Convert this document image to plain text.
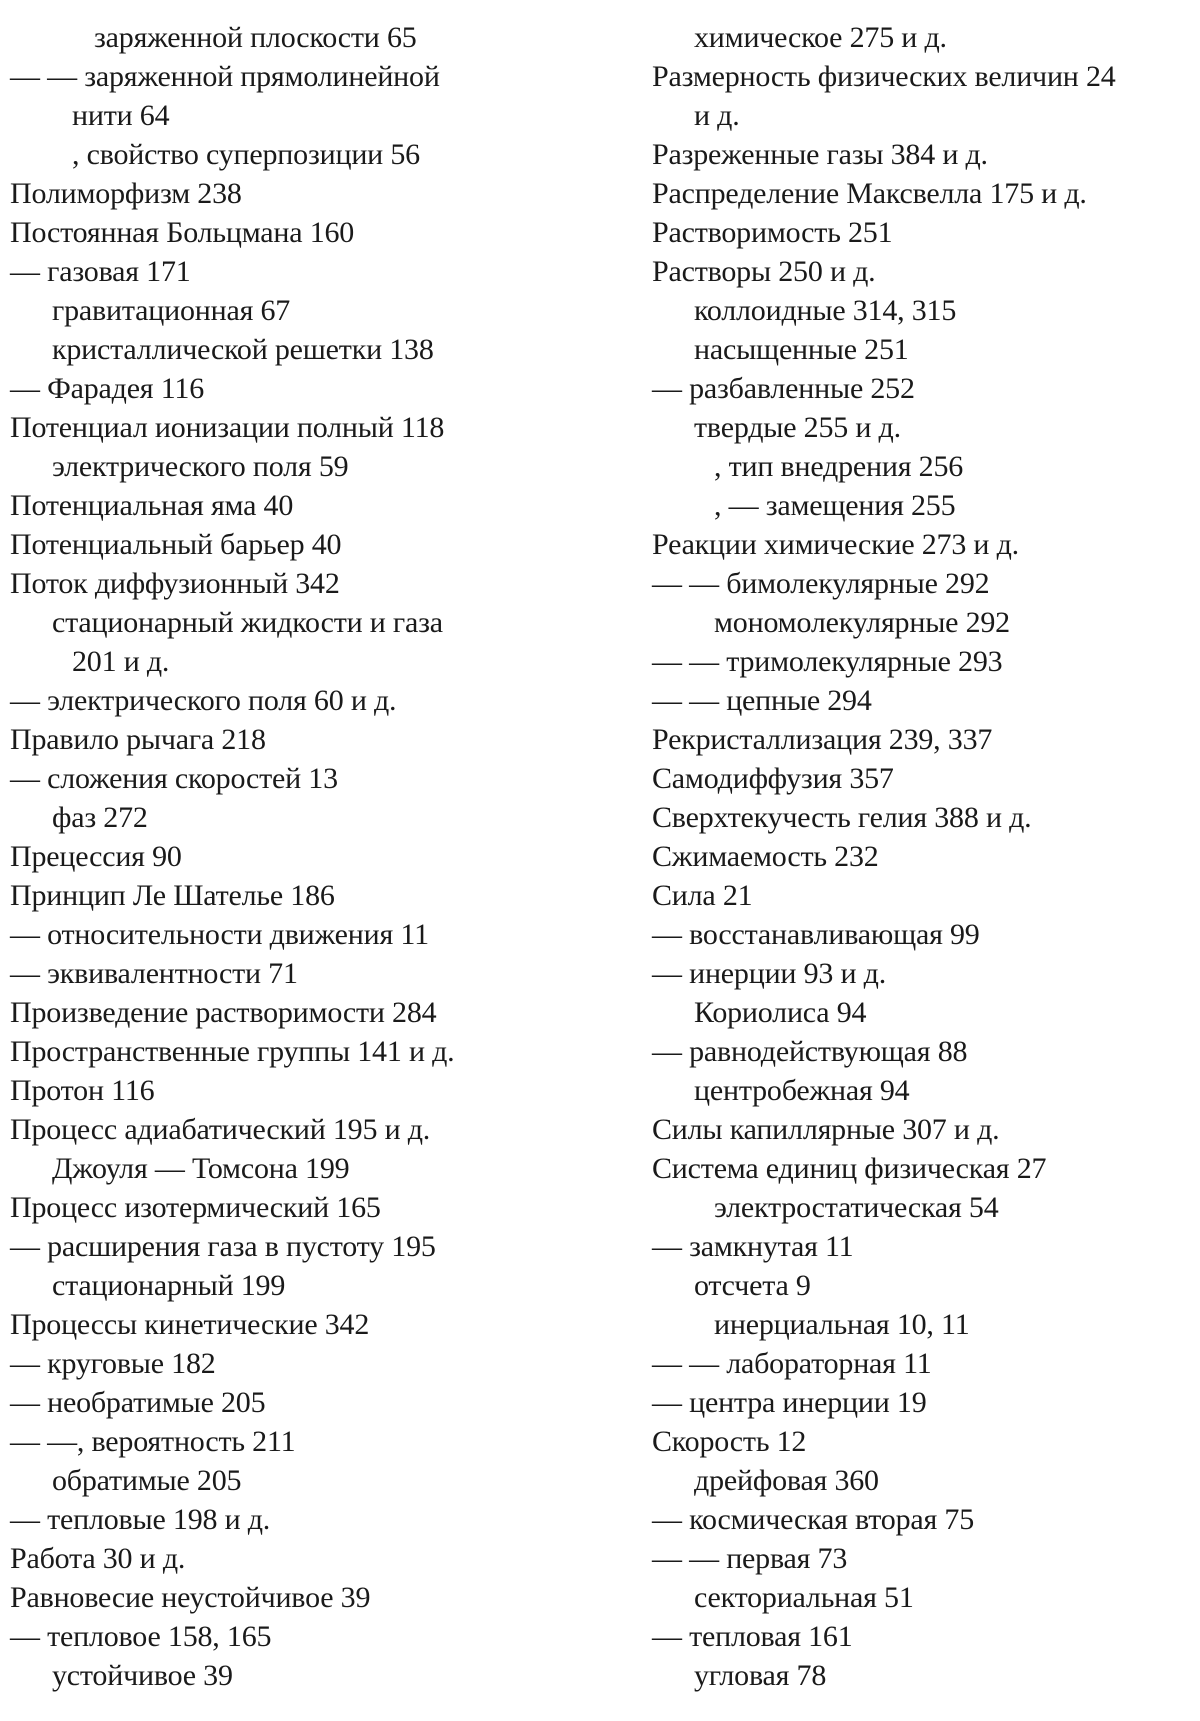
заряженной плоскости 65
— — заряженной прямолинейной
нити 64
, свойство суперпозиции 56
Полиморфизм 238
Постоянная Больцмана 160
— газовая 171
гравитационная 67
кристаллической решетки 138
— Фарадея 116
Потенциал ионизации полный 118
электрического поля 59
Потенциальная яма 40
Потенциальный барьер 40
Поток диффузионный 342
стационарный жидкости и газа
201 и д.
— электрического поля 60 и д.
Правило рычага 218
— сложения скоростей 13
фаз 272
Прецессия 90
Принцип Ле Шателье 186
— относительности движения 11
— эквивалентности 71
Произведение растворимости 284
Пространственные группы 141 и д.
Протон 116
Процесс адиабатический 195 и д.
Джоуля — Томсона 199
Процесс изотермический 165
— расширения газа в пустоту 195
стационарный 199
Процессы кинетические 342
— круговые 182
— необратимые 205
— —, вероятность 211
обратимые 205
— тепловые 198 и д.
Работа 30 и д.
Равновесие неустойчивое 39
— тепловое 158, 165
устойчивое 39
химическое 275 и д.
Размерность физических величин 24
и д.
Разреженные газы 384 и д.
Распределение Максвелла 175 и д.
Растворимость 251
Растворы 250 и д.
коллоидные 314, 315
насыщенные 251
— разбавленные 252
твердые 255 и д.
, тип внедрения 256
, — замещения 255
Реакции химические 273 и д.
— — бимолекулярные 292
мономолекулярные 292
— — тримолекулярные 293
— — цепные 294
Рекристаллизация 239, 337
Самодиффузия 357
Сверхтекучесть гелия 388 и д.
Сжимаемость 232
Сила 21
— восстанавливающая 99
— инерции 93 и д.
Кориолиса 94
— равнодействующая 88
центробежная 94
Силы капиллярные 307 и д.
Система единиц физическая 27
электростатическая 54
— замкнутая 11
отсчета 9
инерциальная 10, 11
— — лабораторная 11
— центра инерции 19
Скорость 12
дрейфовая 360
— космическая вторая 75
— — первая 73
секториальная 51
— тепловая 161
угловая 78
